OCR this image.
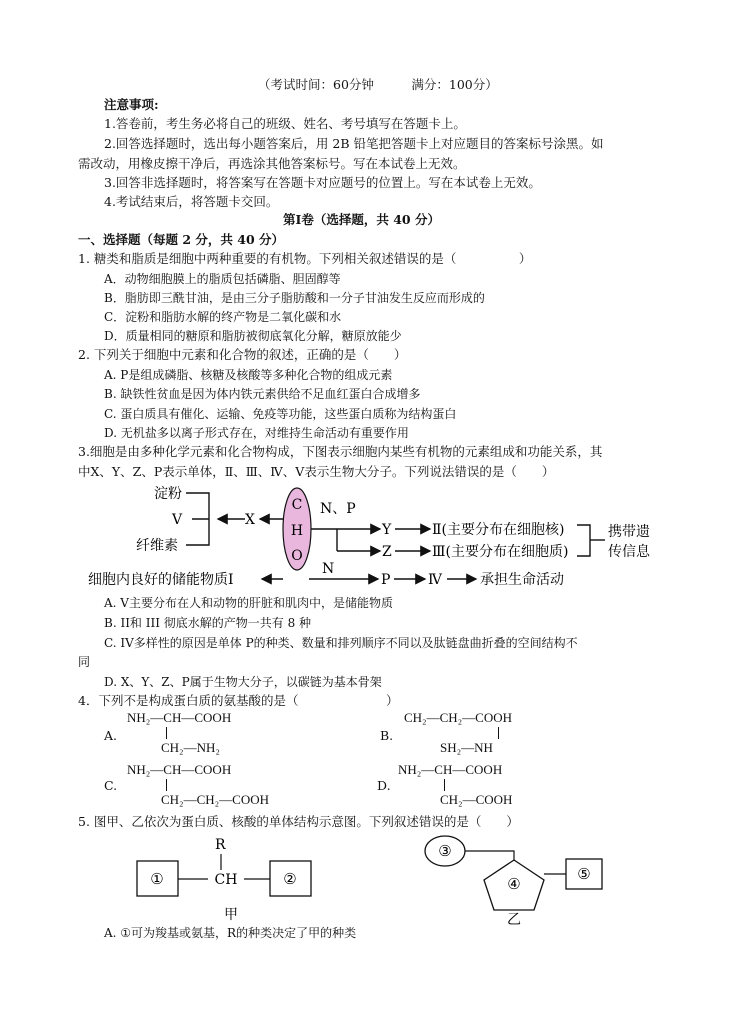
（考试时间：60分钟　　　满分：100分）
注意事项:
1.答卷前，考生务必将自己的班级、姓名、考号填写在答题卡上。
2.回答选择题时，选出每小题答案后，用 2B 铅笔把答题卡上对应题目的答案标号涂黑。如
需改动，用橡皮擦干净后，再选涂其他答案标号。写在本试卷上无效。
3.回答非选择题时，将答案写在答题卡对应题号的位置上。写在本试卷上无效。
4.考试结束后，将答题卡交回。
第Ⅰ卷（选择题，共 40 分）
一、选择题（每题 2 分，共 40 分）
1. 糖类和脂质是细胞中两种重要的有机物。下列相关叙述错误的是（　　　　　）
A．动物细胞膜上的脂质包括磷脂、胆固醇等
B．脂肪即三酰甘油，是由三分子脂肪酸和一分子甘油发生反应而形成的
C．淀粉和脂肪水解的终产物是二氧化碳和水
D．质量相同的糖原和脂肪被彻底氧化分解，糖原放能少
2. 下列关于细胞中元素和化合物的叙述，正确的是（　　）
A. P是组成磷脂、核糖及核酸等多种化合物的组成元素
B. 缺铁性贫血是因为体内铁元素供给不足血红蛋白合成增多
C. 蛋白质具有催化、运输、免疫等功能，这些蛋白质称为结构蛋白
D. 无机盐多以离子形式存在，对维持生命活动有重要作用
3.细胞是由多种化学元素和化合物构成，下图表示细胞内某些有机物的元素组成和功能关系，其
中X、Y、Z、P表示单体，Ⅱ、Ⅲ、Ⅳ、Ⅴ表示生物大分子。下列说法错误的是（　　）
淀粉
Ⅴ
纤维素
X
C
H
O
N、P
Y
Z
Ⅱ(主要分布在细胞核)
Ⅲ(主要分布在细胞质)
携带遗
传信息
细胞内良好的储能物质Ⅰ
N
P	Ⅳ	承担生命活动
A. V主要分布在人和动物的肝脏和肌肉中，是储能物质
B. II和 III 彻底水解的产物一共有 8 种
C. IV多样性的原因是单体 P的种类、数量和排列顺序不同以及肽链盘曲折叠的空间结构不
同
D. X、Y、Z、P属于生物大分子，以碳链为基本骨架
4．下列不是构成蛋白质的氨基酸的是（　　　　　　　）
A.
NH₂—CH—COOH
CH₂—NH₂
B.
CH₂—CH₂—COOH
SH₂—NH
C.
NH₂—CH—COOH
CH₂—CH₂—COOH
D.
NH₂—CH—COOH
CH₂—COOH
5. 图甲、乙依次为蛋白质、核酸的单体结构示意图。下列叙述错误的是（　　）
R
①	CH	②
甲
③
④
⑤
乙
A. ①可为羧基或氨基，R的种类决定了甲的种类
